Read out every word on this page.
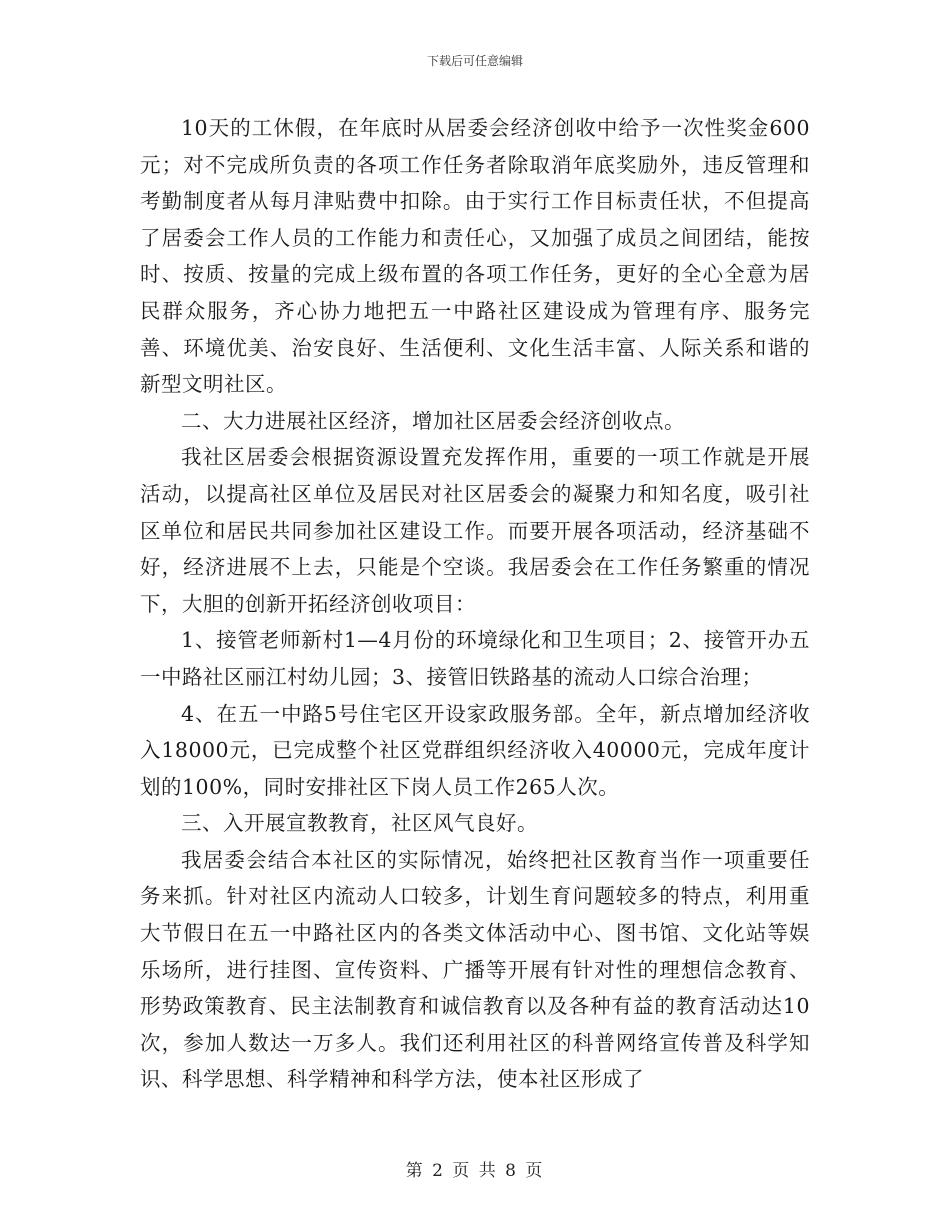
下载后可任意编辑

10天的工休假，在年底时从居委会经济创收中给予一次性奖金600元；对不完成所负责的各项工作任务者除取消年底奖励外，违反管理和考勤制度者从每月津贴费中扣除。由于实行工作目标责任状，不但提高了居委会工作人员的工作能力和责任心，又加强了成员之间团结，能按时、按质、按量的完成上级布置的各项工作任务，更好的全心全意为居民群众服务，齐心协力地把五一中路社区建设成为管理有序、服务完善、环境优美、治安良好、生活便利、文化生活丰富、人际关系和谐的新型文明社区。

二、大力进展社区经济，增加社区居委会经济创收点。

我社区居委会根据资源设置充发挥作用，重要的一项工作就是开展活动，以提高社区单位及居民对社区居委会的凝聚力和知名度，吸引社区单位和居民共同参加社区建设工作。而要开展各项活动，经济基础不好，经济进展不上去，只能是个空谈。我居委会在工作任务繁重的情况下，大胆的创新开拓经济创收项目：

1、接管老师新村1—4月份的环境绿化和卫生项目；2、接管开办五一中路社区丽江村幼儿园；3、接管旧铁路基的流动人口综合治理；

4、在五一中路5号住宅区开设家政服务部。全年，新点增加经济收入18000元，已完成整个社区党群组织经济收入40000元，完成年度计划的100%，同时安排社区下岗人员工作265人次。

三、入开展宣教教育，社区风气良好。

我居委会结合本社区的实际情况，始终把社区教育当作一项重要任务来抓。针对社区内流动人口较多，计划生育问题较多的特点，利用重大节假日在五一中路社区内的各类文体活动中心、图书馆、文化站等娱乐场所，进行挂图、宣传资料、广播等开展有针对性的理想信念教育、形势政策教育、民主法制教育和诚信教育以及各种有益的教育活动达10次，参加人数达一万多人。我们还利用社区的科普网络宣传普及科学知识、科学思想、科学精神和科学方法，使本社区形成了

第 2 页 共 8 页
